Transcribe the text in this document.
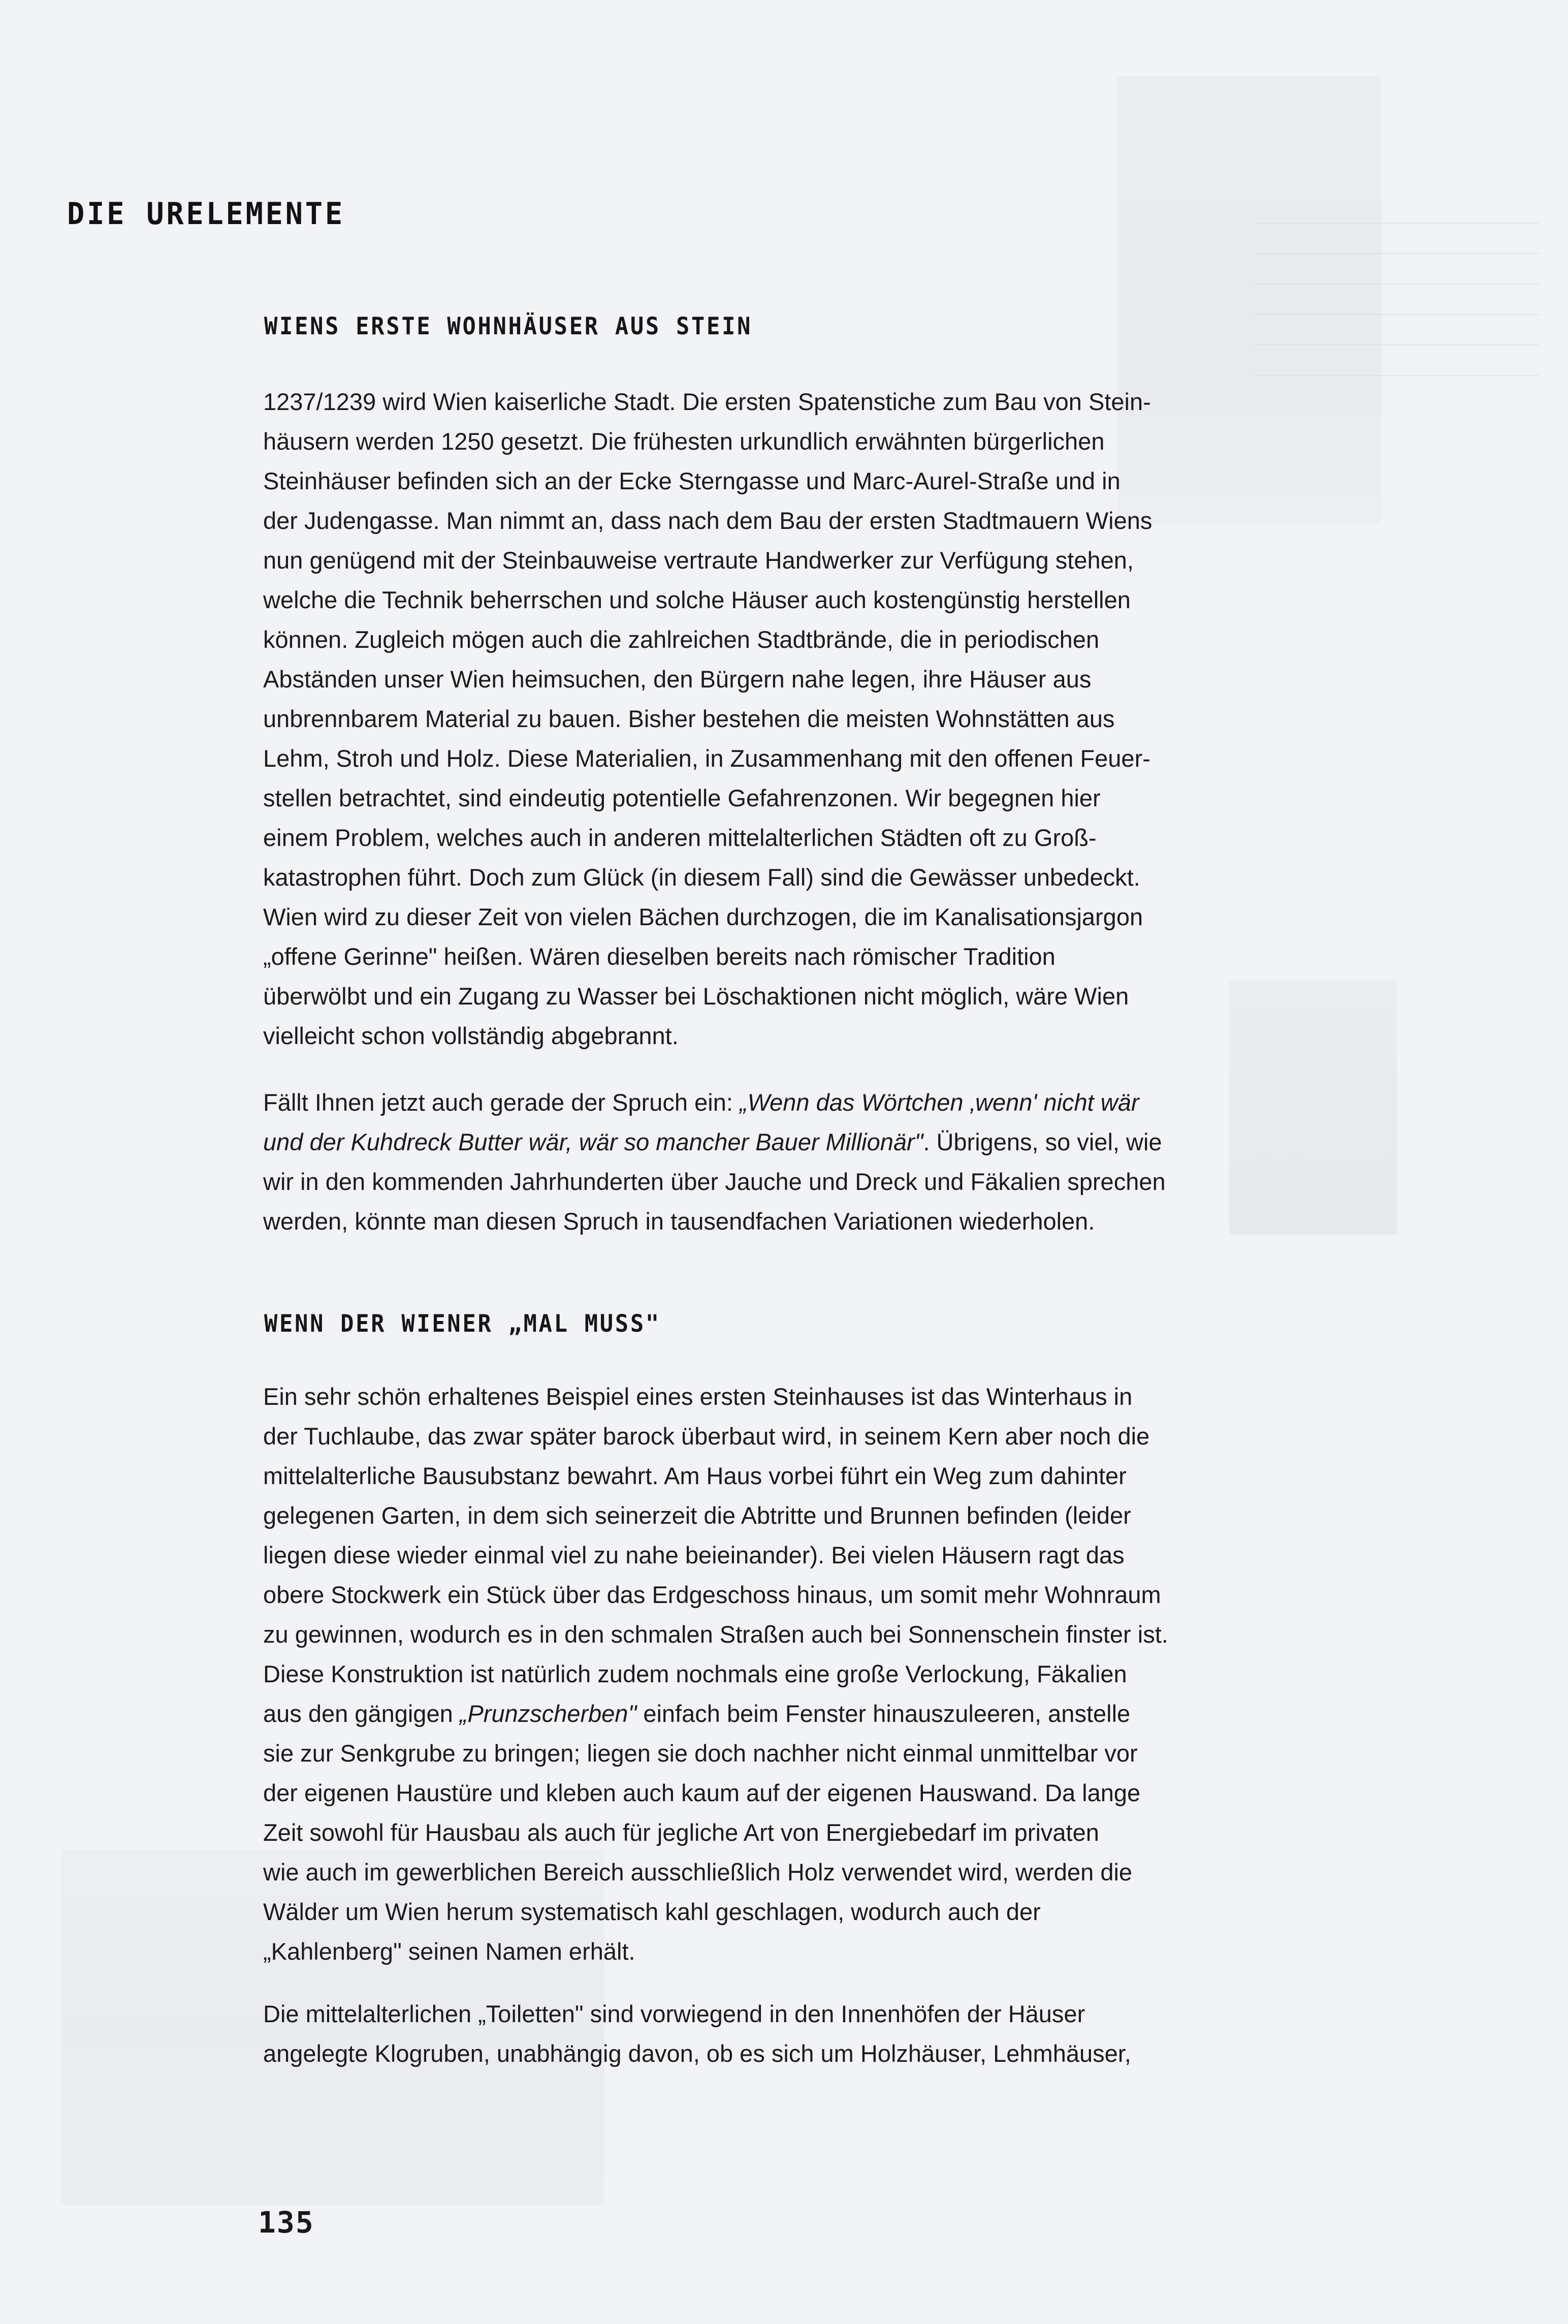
DIE URELEMENTE
WIENS ERSTE WOHNHÄUSER AUS STEIN

1237/1239 wird Wien kaiserliche Stadt. Die ersten Spatenstiche zum Bau von Stein-
häusern werden 1250 gesetzt. Die frühesten urkundlich erwähnten bürgerlichen
Steinhäuser befinden sich an der Ecke Sterngasse und Marc-Aurel-Straße und in
der Judengasse. Man nimmt an, dass nach dem Bau der ersten Stadtmauern Wiens
nun genügend mit der Steinbauweise vertraute Handwerker zur Verfügung stehen,
welche die Technik beherrschen und solche Häuser auch kostengünstig herstellen
können. Zugleich mögen auch die zahlreichen Stadtbrände, die in periodischen
Abständen unser Wien heimsuchen, den Bürgern nahe legen, ihre Häuser aus
unbrennbarem Material zu bauen. Bisher bestehen die meisten Wohnstätten aus
Lehm, Stroh und Holz. Diese Materialien, in Zusammenhang mit den offenen Feuer-
stellen betrachtet, sind eindeutig potentielle Gefahrenzonen. Wir begegnen hier
einem Problem, welches auch in anderen mittelalterlichen Städten oft zu Groß-
katastrophen führt. Doch zum Glück (in diesem Fall) sind die Gewässer unbedeckt.
Wien wird zu dieser Zeit von vielen Bächen durchzogen, die im Kanalisationsjargon
„offene Gerinne" heißen. Wären dieselben bereits nach römischer Tradition
überwölbt und ein Zugang zu Wasser bei Löschaktionen nicht möglich, wäre Wien
vielleicht schon vollständig abgebrannt.

Fällt Ihnen jetzt auch gerade der Spruch ein: „Wenn das Wörtchen ‚wenn' nicht wär
und der Kuhdreck Butter wär, wär so mancher Bauer Millionär". Übrigens, so viel, wie
wir in den kommenden Jahrhunderten über Jauche und Dreck und Fäkalien sprechen
werden, könnte man diesen Spruch in tausendfachen Variationen wiederholen.

WENN DER WIENER „MAL MUSS"

Ein sehr schön erhaltenes Beispiel eines ersten Steinhauses ist das Winterhaus in
der Tuchlaube, das zwar später barock überbaut wird, in seinem Kern aber noch die
mittelalterliche Bausubstanz bewahrt. Am Haus vorbei führt ein Weg zum dahinter
gelegenen Garten, in dem sich seinerzeit die Abtritte und Brunnen befinden (leider
liegen diese wieder einmal viel zu nahe beieinander). Bei vielen Häusern ragt das
obere Stockwerk ein Stück über das Erdgeschoss hinaus, um somit mehr Wohnraum
zu gewinnen, wodurch es in den schmalen Straßen auch bei Sonnenschein finster ist.
Diese Konstruktion ist natürlich zudem nochmals eine große Verlockung, Fäkalien
aus den gängigen „Prunzscherben" einfach beim Fenster hinauszuleeren, anstelle
sie zur Senkgrube zu bringen; liegen sie doch nachher nicht einmal unmittelbar vor
der eigenen Haustüre und kleben auch kaum auf der eigenen Hauswand. Da lange
Zeit sowohl für Hausbau als auch für jegliche Art von Energiebedarf im privaten
wie auch im gewerblichen Bereich ausschließlich Holz verwendet wird, werden die
Wälder um Wien herum systematisch kahl geschlagen, wodurch auch der
„Kahlenberg" seinen Namen erhält.

Die mittelalterlichen „Toiletten" sind vorwiegend in den Innenhöfen der Häuser
angelegte Klogruben, unabhängig davon, ob es sich um Holzhäuser, Lehmhäuser,

135
